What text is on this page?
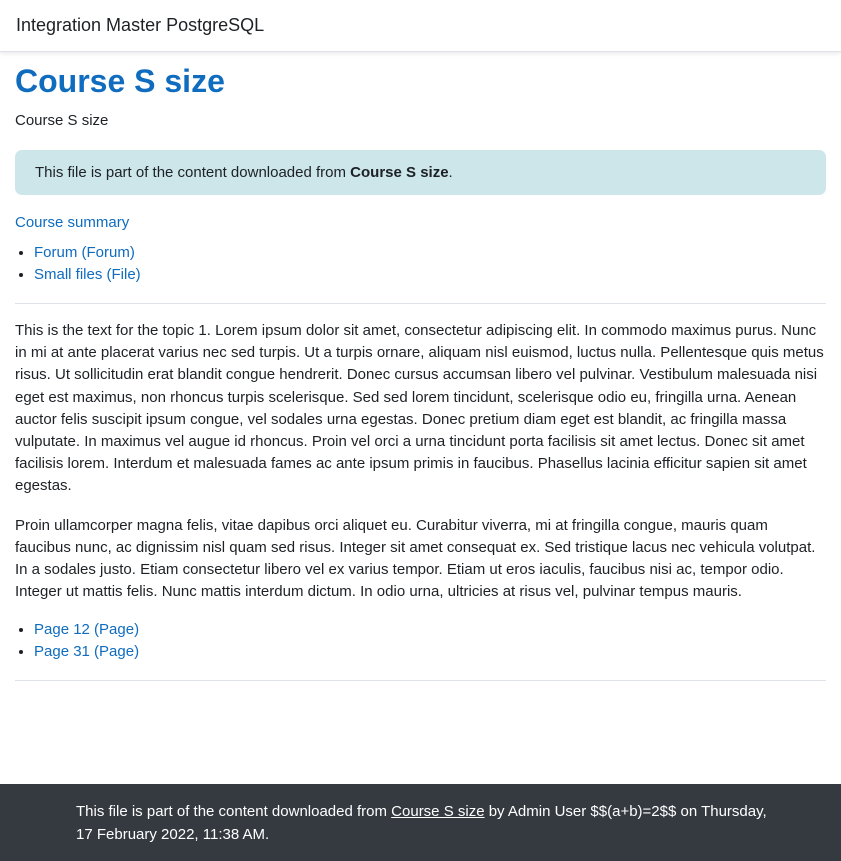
Integration Master PostgreSQL
Course S size
Course S size
This file is part of the content downloaded from Course S size.
Course summary
• Forum (Forum)
• Small files (File)

This is the text for the topic 1. Lorem ipsum dolor sit amet, consectetur adipiscing elit. In commodo maximus purus. Nunc in mi at ante placerat varius nec sed turpis. Ut a turpis ornare, aliquam nisl euismod, luctus nulla. Pellentesque quis metus risus. Ut sollicitudin erat blandit congue hendrerit. Donec cursus accumsan libero vel pulvinar. Vestibulum malesuada nisi eget est maximus, non rhoncus turpis scelerisque. Sed sed lorem tincidunt, scelerisque odio eu, fringilla urna. Aenean auctor felis suscipit ipsum congue, vel sodales urna egestas. Donec pretium diam eget est blandit, ac fringilla massa vulputate. In maximus vel augue id rhoncus. Proin vel orci a urna tincidunt porta facilisis sit amet lectus. Donec sit amet facilisis lorem. Interdum et malesuada fames ac ante ipsum primis in faucibus. Phasellus lacinia efficitur sapien sit amet egestas.

Proin ullamcorper magna felis, vitae dapibus orci aliquet eu. Curabitur viverra, mi at fringilla congue, mauris quam faucibus nunc, ac dignissim nisl quam sed risus. Integer sit amet consequat ex. Sed tristique lacus nec vehicula volutpat. In a sodales justo. Etiam consectetur libero vel ex varius tempor. Etiam ut eros iaculis, faucibus nisi ac, tempor odio. Integer ut mattis felis. Nunc mattis interdum dictum. In odio urna, ultricies at risus vel, pulvinar tempus mauris.

• Page 12 (Page)
• Page 31 (Page)
This file is part of the content downloaded from Course S size by Admin User $$(a+b)=2$$ on Thursday, 17 February 2022, 11:38 AM.
